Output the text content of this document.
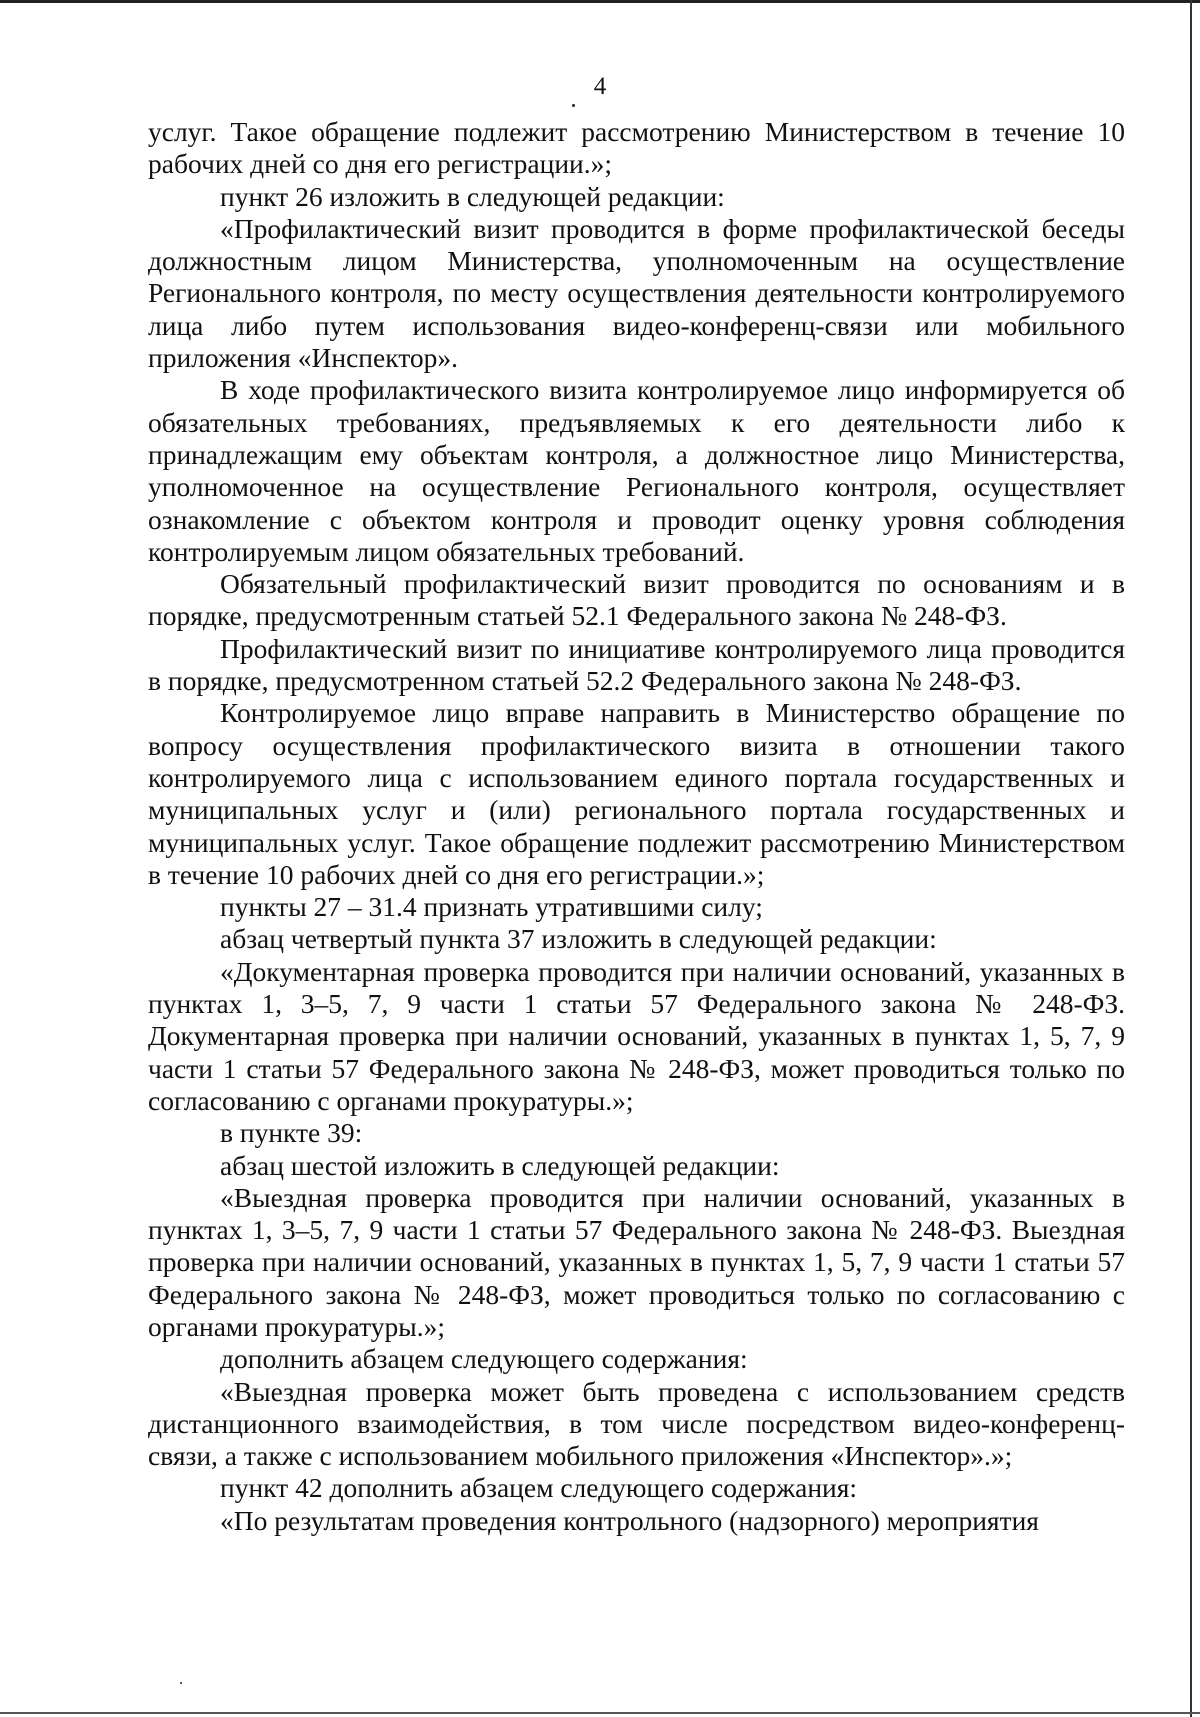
4

услуг. Такое обращение подлежит рассмотрению Министерством в течение 10 рабочих дней со дня его регистрации.»;

пункт 26 изложить в следующей редакции:

«Профилактический визит проводится в форме профилактической беседы должностным лицом Министерства, уполномоченным на осуществление Регионального контроля, по месту осуществления деятельности контролируемого лица либо путем использования видео-конференц-связи или мобильного приложения «Инспектор».

В ходе профилактического визита контролируемое лицо информируется об обязательных требованиях, предъявляемых к его деятельности либо к принадлежащим ему объектам контроля, а должностное лицо Министерства, уполномоченное на осуществление Регионального контроля, осуществляет ознакомление с объектом контроля и проводит оценку уровня соблюдения контролируемым лицом обязательных требований.

Обязательный профилактический визит проводится по основаниям и в порядке, предусмотренным статьей 52.1 Федерального закона № 248-ФЗ.

Профилактический визит по инициативе контролируемого лица проводится в порядке, предусмотренном статьей 52.2 Федерального закона № 248-ФЗ.

Контролируемое лицо вправе направить в Министерство обращение по вопросу осуществления профилактического визита в отношении такого контролируемого лица с использованием единого портала государственных и муниципальных услуг и (или) регионального портала государственных и муниципальных услуг. Такое обращение подлежит рассмотрению Министерством в течение 10 рабочих дней со дня его регистрации.»;

пункты 27 – 31.4 признать утратившими силу;

абзац четвертый пункта 37 изложить в следующей редакции:

«Документарная проверка проводится при наличии оснований, указанных в пунктах 1, 3–5, 7, 9 части 1 статьи 57 Федерального закона № 248-ФЗ. Документарная проверка при наличии оснований, указанных в пунктах 1, 5, 7, 9 части 1 статьи 57 Федерального закона № 248-ФЗ, может проводиться только по согласованию с органами прокуратуры.»;

в пункте 39:

абзац шестой изложить в следующей редакции:

«Выездная проверка проводится при наличии оснований, указанных в пунктах 1, 3–5, 7, 9 части 1 статьи 57 Федерального закона № 248-ФЗ. Выездная проверка при наличии оснований, указанных в пунктах 1, 5, 7, 9 части 1 статьи 57 Федерального закона № 248-ФЗ, может проводиться только по согласованию с органами прокуратуры.»;

дополнить абзацем следующего содержания:

«Выездная проверка может быть проведена с использованием средств дистанционного взаимодействия, в том числе посредством видео-конференц-связи, а также с использованием мобильного приложения «Инспектор».»;

пункт 42 дополнить абзацем следующего содержания:

«По результатам проведения контрольного (надзорного) мероприятия
